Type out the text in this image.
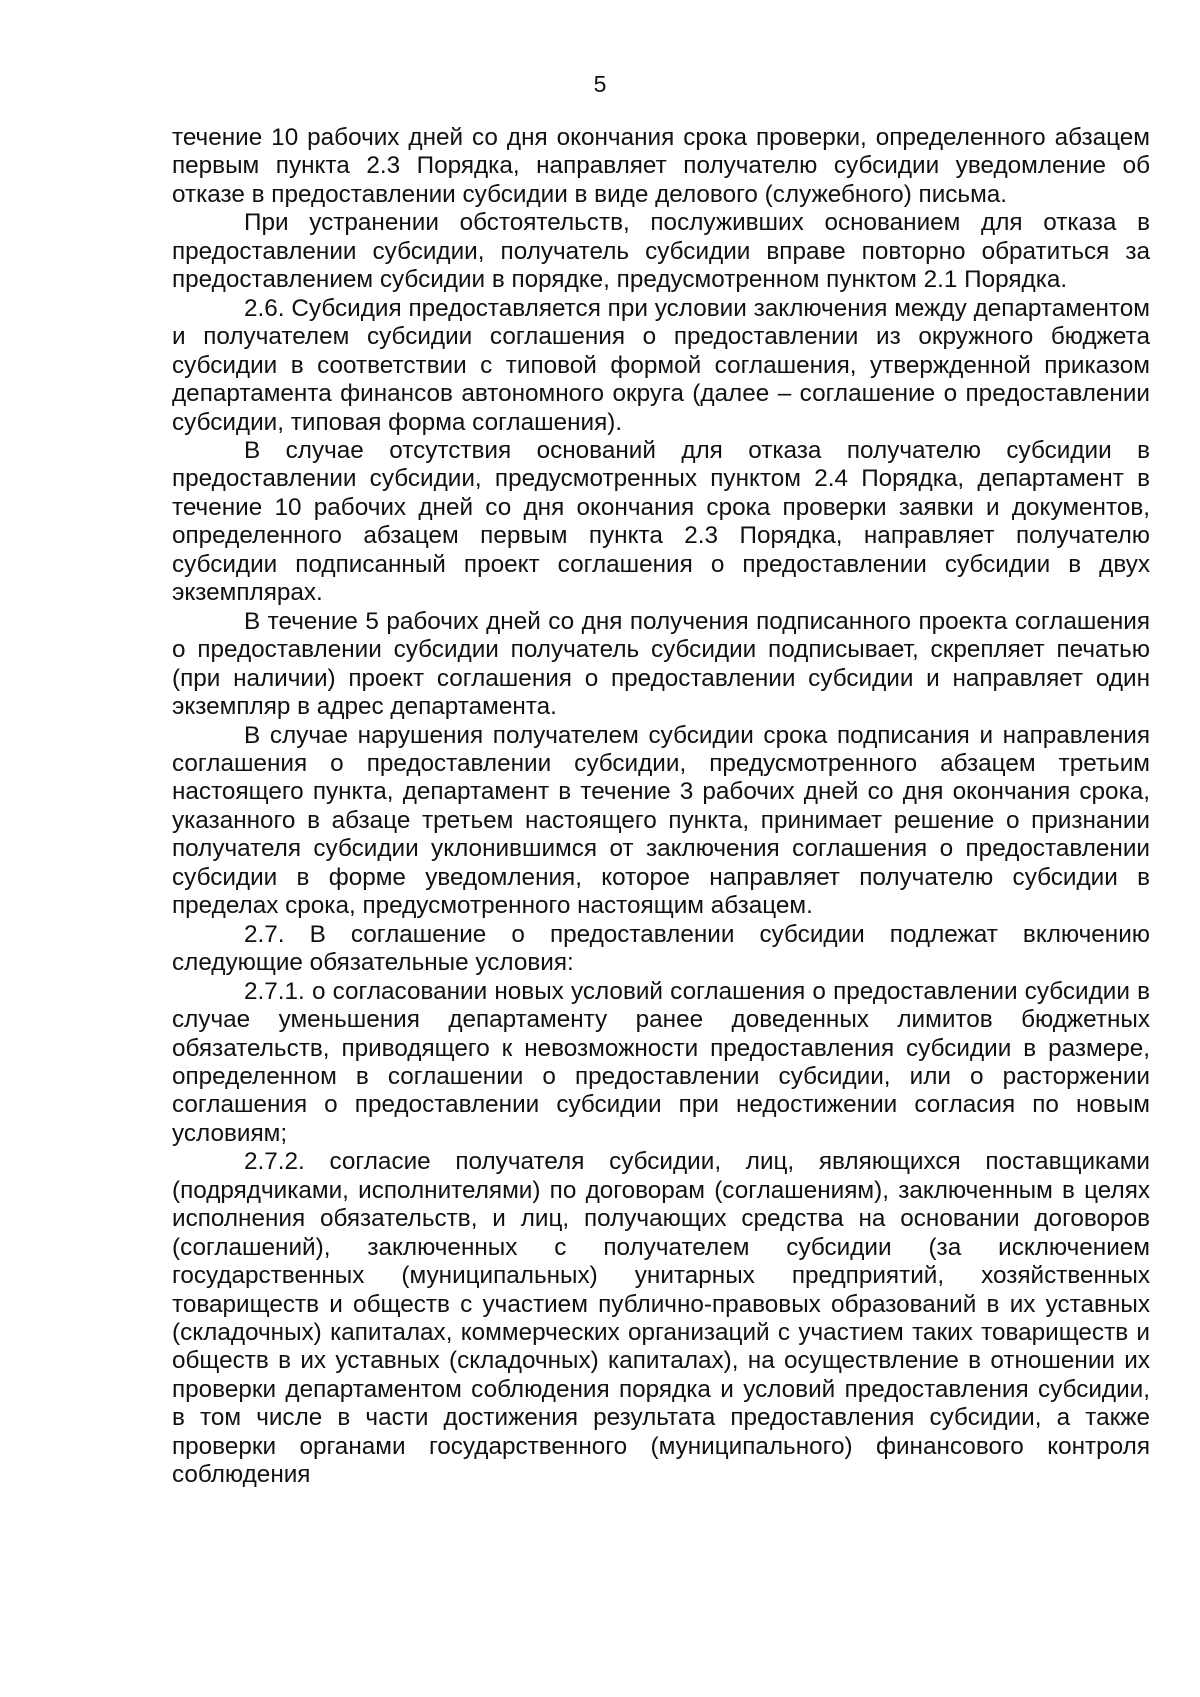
5

течение 10 рабочих дней со дня окончания срока проверки, определенного абзацем первым пункта 2.3 Порядка, направляет получателю субсидии уведомление об отказе в предоставлении субсидии в виде делового (служебного) письма.

При устранении обстоятельств, послуживших основанием для отказа в предоставлении субсидии, получатель субсидии вправе повторно обратиться за предоставлением субсидии в порядке, предусмотренном пунктом 2.1 Порядка.

2.6. Субсидия предоставляется при условии заключения между департаментом и получателем субсидии соглашения о предоставлении из окружного бюджета субсидии в соответствии с типовой формой соглашения, утвержденной приказом департамента финансов автономного округа (далее – соглашение о предоставлении субсидии, типовая форма соглашения).

В случае отсутствия оснований для отказа получателю субсидии в предоставлении субсидии, предусмотренных пунктом 2.4 Порядка, департамент в течение 10 рабочих дней со дня окончания срока проверки заявки и документов, определенного абзацем первым пункта 2.3 Порядка, направляет получателю субсидии подписанный проект соглашения о предоставлении субсидии в двух экземплярах.

В течение 5 рабочих дней со дня получения подписанного проекта соглашения о предоставлении субсидии получатель субсидии подписывает, скрепляет печатью (при наличии) проект соглашения о предоставлении субсидии и направляет один экземпляр в адрес департамента.

В случае нарушения получателем субсидии срока подписания и направления соглашения о предоставлении субсидии, предусмотренного абзацем третьим настоящего пункта, департамент в течение 3 рабочих дней со дня окончания срока, указанного в абзаце третьем настоящего пункта, принимает решение о признании получателя субсидии уклонившимся от заключения соглашения о предоставлении субсидии в форме уведомления, которое направляет получателю субсидии в пределах срока, предусмотренного настоящим абзацем.

2.7. В соглашение о предоставлении субсидии подлежат включению следующие обязательные условия:

2.7.1. о согласовании новых условий соглашения о предоставлении субсидии в случае уменьшения департаменту ранее доведенных лимитов бюджетных обязательств, приводящего к невозможности предоставления субсидии в размере, определенном в соглашении о предоставлении субсидии, или о расторжении соглашения о предоставлении субсидии при недостижении согласия по новым условиям;

2.7.2. согласие получателя субсидии, лиц, являющихся поставщиками (подрядчиками, исполнителями) по договорам (соглашениям), заключенным в целях исполнения обязательств, и лиц, получающих средства на основании договоров (соглашений), заключенных с получателем субсидии (за исключением государственных (муниципальных) унитарных предприятий, хозяйственных товариществ и обществ с участием публично-правовых образований в их уставных (складочных) капиталах, коммерческих организаций с участием таких товариществ и обществ в их уставных (складочных) капиталах), на осуществление в отношении их проверки департаментом соблюдения порядка и условий предоставления субсидии, в том числе в части достижения результата предоставления субсидии, а также проверки органами государственного (муниципального) финансового контроля соблюдения
